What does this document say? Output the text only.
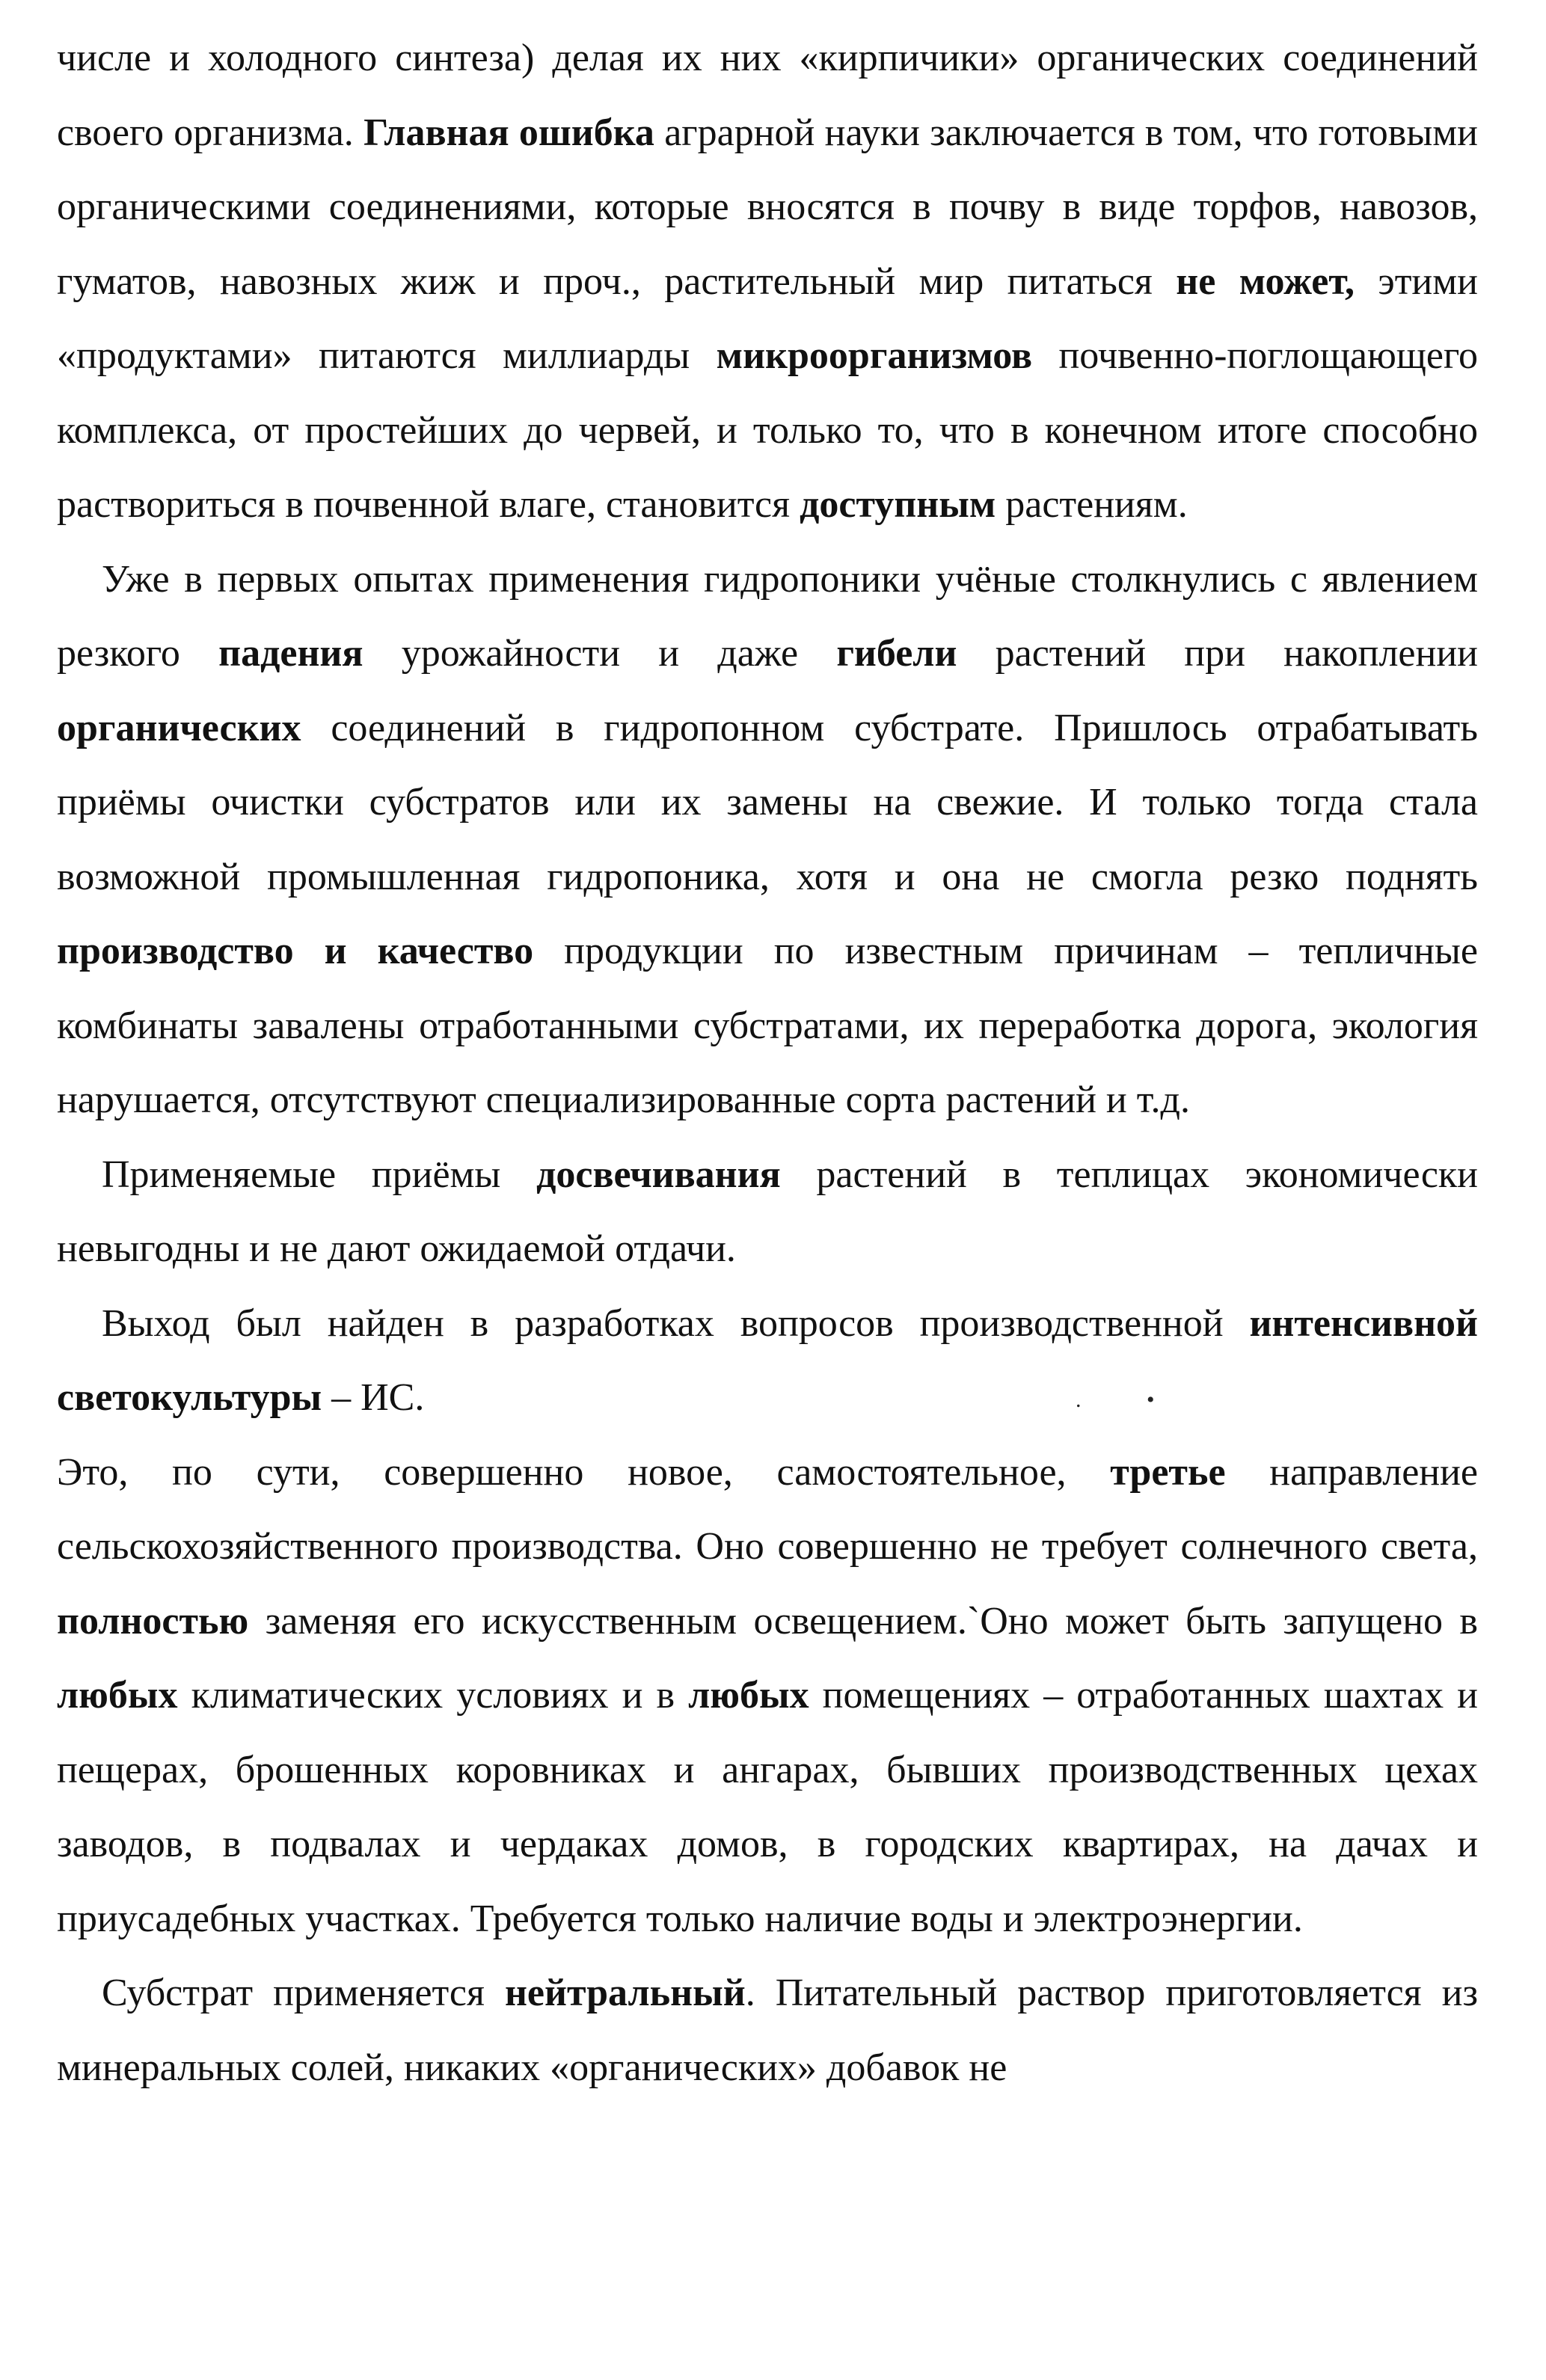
числе и холодного синтеза) делая их них «кирпичики» органических соединений своего организма. Главная ошибка аграрной науки заключается в том, что готовыми органическими соединениями, которые вносятся в почву в виде торфов, навозов, гуматов, навозных жиж и проч., растительный мир питаться не может, этими «продуктами» питаются миллиарды микроорганизмов почвенно-поглощающего комплекса, от простейших до червей, и только то, что в конечном итоге способно раствориться в почвенной влаге, становится доступным растениям.

Уже в первых опытах применения гидропоники учёные столкнулись с явлением резкого падения урожайности и даже гибели растений при накоплении органических соединений в гидропонном субстрате. Пришлось отрабатывать приёмы очистки субстратов или их замены на свежие. И только тогда стала возможной промышленная гидропоника, хотя и она не смогла резко поднять производство и качество продукции по известным причинам – тепличные комбинаты завалены отработанными субстратами, их переработка дорога, экология нарушается, отсутствуют специализированные сорта растений и т.д.

Применяемые приёмы досвечивания растений в теплицах экономически невыгодны и не дают ожидаемой отдачи.

Выход был найден в разработках вопросов производственной интенсивной светокультуры – ИС.

Это, по сути, совершенно новое, самостоятельное, третье направление сельскохозяйственного производства. Оно совершенно не требует солнечного света, полностью заменяя его искусственным освещением.`Оно может быть запущено в любых климатических условиях и в любых помещениях – отработанных шахтах и пещерах, брошенных коровниках и ангарах, бывших производственных цехах заводов, в подвалах и чердаках домов, в городских квартирах, на дачах и приусадебных участках. Требуется только наличие воды и электроэнергии.

Субстрат применяется нейтральный. Питательный раствор приготовляется из минеральных солей, никаких «органических» добавок не

. •
